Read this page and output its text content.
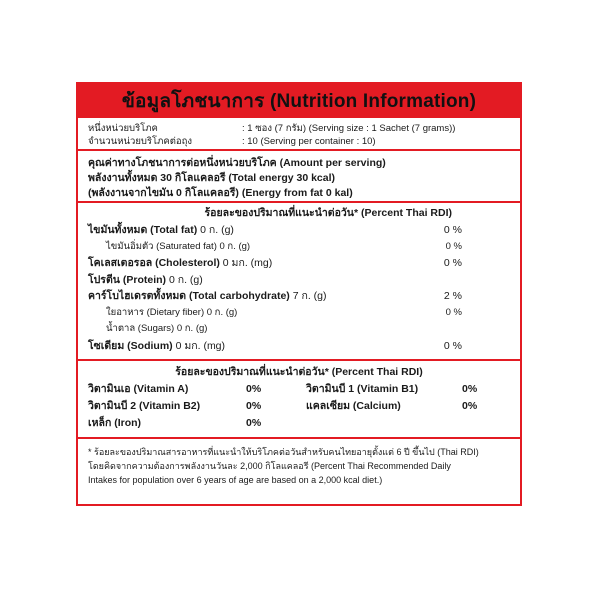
ข้อมูลโภชนาการ (Nutrition Information)
หนึ่งหน่วยบริโภค	: 1 ซอง (7 กรัม) (Serving size : 1 Sachet (7 grams))
จำนวนหน่วยบริโภคต่อถุง	: 10 (Serving per container : 10)
คุณค่าทางโภชนาการต่อหนึ่งหน่วยบริโภค (Amount per serving)
พลังงานทั้งหมด 30 กิโลแคลอรี (Total energy 30 kcal)
(พลังงานจากไขมัน 0 กิโลแคลอรี) (Energy from fat 0 kal)
ร้อยละของปริมาณที่แนะนำต่อวัน* (Percent Thai RDI)
ไขมันทั้งหมด (Total fat) 0 ก. (g)	0 %
ไขมันอิ่มตัว (Saturated fat) 0 ก. (g)	0 %
โคเลสเตอรอล (Cholesterol) 0 มก. (mg)	0 %
โปรตีน (Protein) 0 ก. (g)
คาร์โบไฮเดรตทั้งหมด (Total carbohydrate) 7 ก. (g)	2 %
ใยอาหาร (Dietary fiber) 0 ก. (g)	0 %
น้ำตาล (Sugars) 0 ก. (g)
โซเดียม (Sodium) 0 มก. (mg)	0 %
ร้อยละของปริมาณที่แนะนำต่อวัน* (Percent Thai RDI)
วิตามินเอ (Vitamin A)	0%	วิตามินบี 1 (Vitamin B1)	0%
วิตามินบี 2 (Vitamin B2)	0%	แคลเซียม (Calcium)	0%
เหล็ก (Iron)	0%
* ร้อยละของปริมาณสารอาหารที่แนะนำให้บริโภคต่อวันสำหรับคนไทยอายุตั้งแต่ 6 ปี ขึ้นไป (Thai RDI)
โดยคิดจากความต้องการพลังงานวันละ 2,000 กิโลแคลอรี (Percent Thai Recommended Daily
Intakes for population over 6 years of age are based on a 2,000 kcal diet.)
